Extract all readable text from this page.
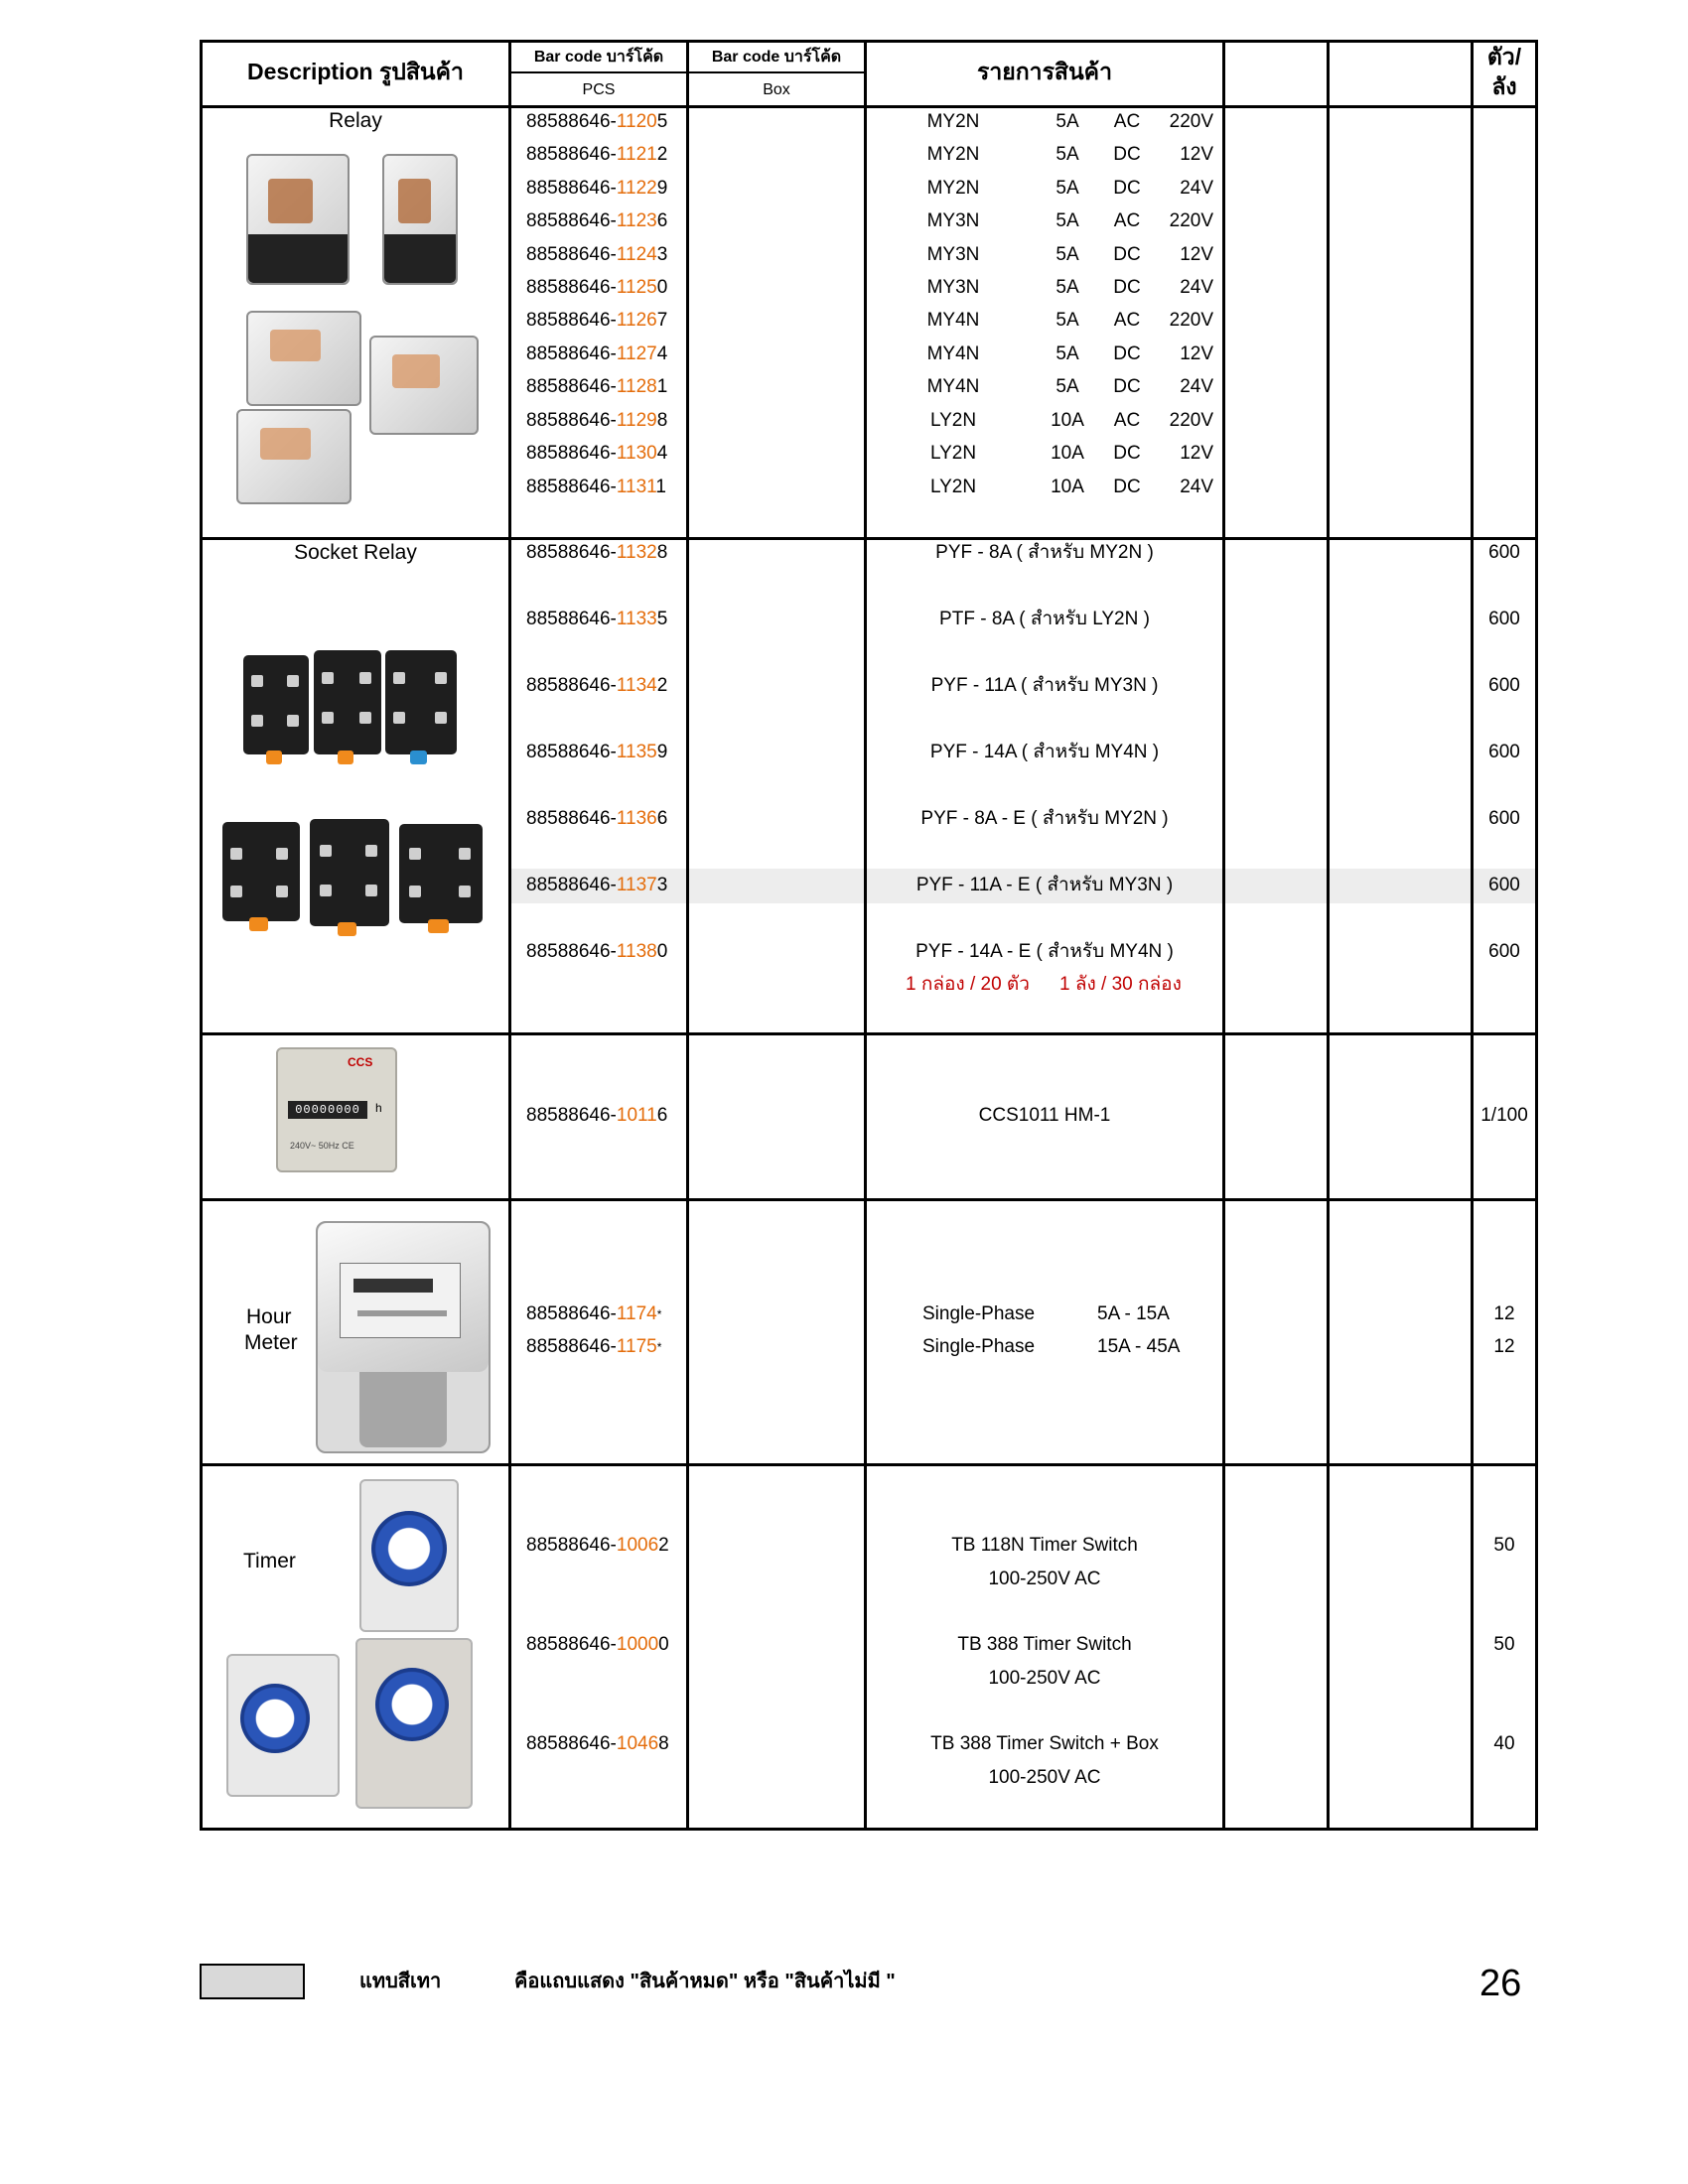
Description รูปสินค้า
Bar code บาร์โค้ด
PCS
Bar code บาร์โค้ด
Box
รายการสินค้า
ตัว/
ลัง
Relay	88588646-11205	MY2N	5A	AC	220V
88588646-11212	MY2N	5A	DC	12V
88588646-11229	MY2N	5A	DC	24V
88588646-11236	MY3N	5A	AC	220V
88588646-11243	MY3N	5A	DC	12V
88588646-11250	MY3N	5A	DC	24V
88588646-11267	MY4N	5A	AC	220V
88588646-11274	MY4N	5A	DC	12V
88588646-11281	MY4N	5A	DC	24V
88588646-11298	LY2N	10A	AC	220V
88588646-11304	LY2N	10A	DC	12V
88588646-11311	LY2N	10A	DC	24V
Socket Relay	88588646-11328	PYF - 8A ( สำหรับ MY2N )	600
88588646-11335	PTF - 8A ( สำหรับ LY2N )	600
88588646-11342	PYF - 11A ( สำหรับ MY3N )	600
88588646-11359	PYF - 14A ( สำหรับ MY4N )	600
88588646-11366	PYF - 8A - E ( สำหรับ MY2N )	600
88588646-11373	PYF - 11A - E ( สำหรับ MY3N )	600
88588646-11380	PYF - 14A - E ( สำหรับ MY4N )	600
1 กล่อง / 20 ตัว 1 ลัง / 30 กล่อง
CCS
00000000	h
240V~ 50Hz CE
88588646-10116	CCS1011 HM-1	1/100
Hour
Meter
88588646-1174*	Single-Phase	5A - 15A	12
88588646-1175*	Single-Phase	15A - 45A	12
Timer
88588646-10062	TB 118N Timer Switch
100-250V AC
50
88588646-10000	TB 388 Timer Switch
100-250V AC
50
88588646-10468	TB 388 Timer Switch + Box
100-250V AC
40
แทบสีเทา	คือแถบแสดง "สินค้าหมด" หรือ "สินค้าไม่มี "	26
